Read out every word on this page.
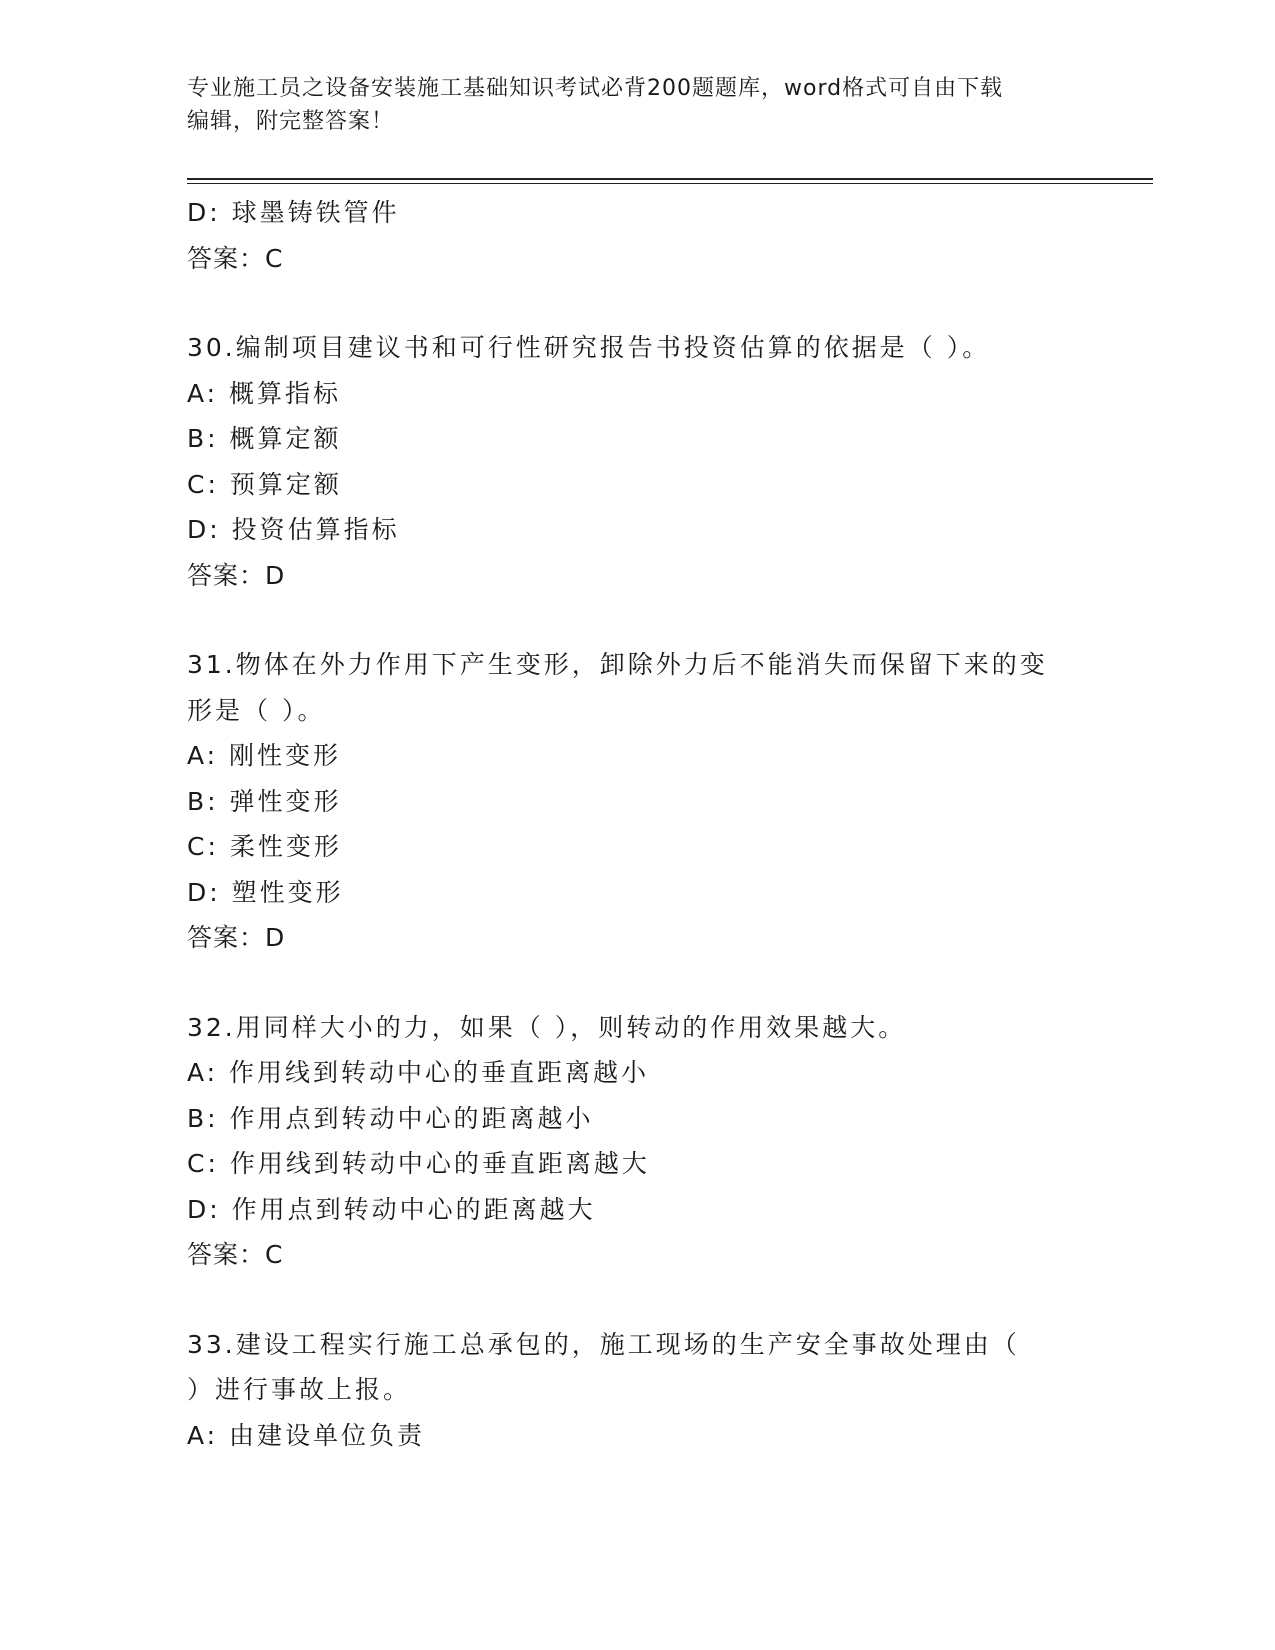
专业施工员之设备安装施工基础知识考试必背200题题库，word格式可自由下载
编辑，附完整答案！
D: 球墨铸铁管件
答案：C
30.编制项目建议书和可行性研究报告书投资估算的依据是（ ）。
A: 概算指标
B: 概算定额
C: 预算定额
D: 投资估算指标
答案：D
31.物体在外力作用下产生变形，卸除外力后不能消失而保留下来的变
形是（ ）。
A: 刚性变形
B: 弹性变形
C: 柔性变形
D: 塑性变形
答案：D
32.用同样大小的力，如果（ ），则转动的作用效果越大。
A: 作用线到转动中心的垂直距离越小
B: 作用点到转动中心的距离越小
C: 作用线到转动中心的垂直距离越大
D: 作用点到转动中心的距离越大
答案：C
33.建设工程实行施工总承包的，施工现场的生产安全事故处理由（
）进行事故上报。
A: 由建设单位负责
